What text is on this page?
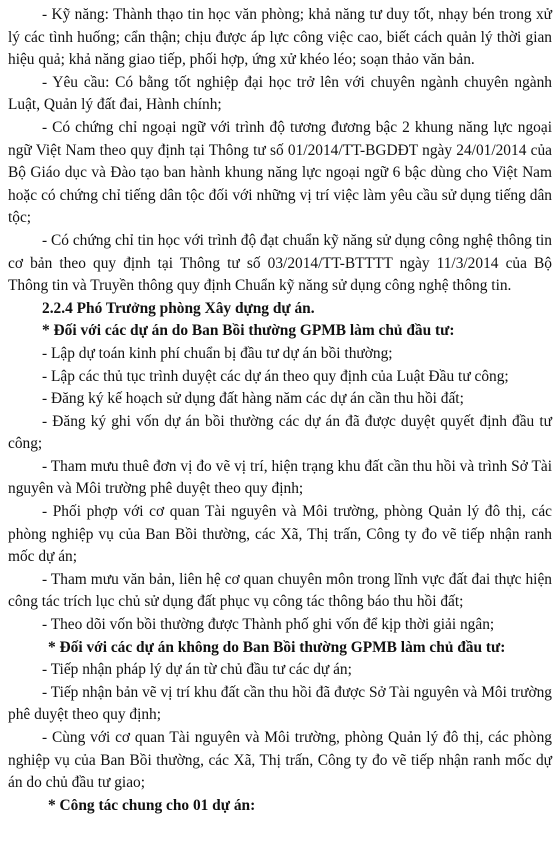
- Kỹ năng: Thành thạo tin học văn phòng; khả năng tư duy tốt, nhạy bén trong xử lý các tình huống; cẩn thận; chịu được áp lực công việc cao, biết cách quản lý thời gian hiệu quả; khả năng giao tiếp, phối hợp, ứng xử khéo léo; soạn thảo văn bản.

- Yêu cầu: Có bằng tốt nghiệp đại học trở lên với chuyên ngành chuyên ngành Luật, Quản lý đất đai, Hành chính;

- Có chứng chỉ ngoại ngữ với trình độ tương đương bậc 2 khung năng lực ngoại ngữ Việt Nam theo quy định tại Thông tư số 01/2014/TT-BGDĐT ngày 24/01/2014 của Bộ Giáo dục và Đào tạo ban hành khung năng lực ngoại ngữ 6 bậc dùng cho Việt Nam hoặc có chứng chỉ tiếng dân tộc đối với những vị trí việc làm yêu cầu sử dụng tiếng dân tộc;

- Có chứng chỉ tin học với trình độ đạt chuẩn kỹ năng sử dụng công nghệ thông tin cơ bản theo quy định tại Thông tư số 03/2014/TT-BTTTT ngày 11/3/2014 của Bộ Thông tin và Truyền thông quy định Chuẩn kỹ năng sử dụng công nghệ thông tin.

2.2.4 Phó Trưởng phòng Xây dựng dự án.

* Đối với các dự án do Ban Bồi thường GPMB làm chủ đầu tư:

- Lập dự toán kinh phí chuẩn bị đầu tư dự án bồi thường;

- Lập các thủ tục trình duyệt các dự án theo quy định của Luật Đầu tư công;

- Đăng ký kế hoạch sử dụng đất hàng năm các dự án cần thu hồi đất;

- Đăng ký ghi vốn dự án bồi thường các dự án đã được duyệt quyết định đầu tư công;

- Tham mưu thuê đơn vị đo vẽ vị trí, hiện trạng khu đất cần thu hồi và trình Sở Tài nguyên và Môi trường phê duyệt theo quy định;

- Phối phợp với cơ quan Tài nguyên và Môi trường, phòng Quản lý đô thị, các phòng nghiệp vụ của Ban Bồi thường, các Xã, Thị trấn, Công ty đo vẽ tiếp nhận ranh mốc dự án;

- Tham mưu văn bản, liên hệ cơ quan chuyên môn trong lĩnh vực đất đai thực hiện công tác trích lục chủ sử dụng đất phục vụ công tác thông báo thu hồi đất;

- Theo dõi vốn bồi thường được Thành phố ghi vốn để kịp thời giải ngân;

* Đối với các dự án không do Ban Bồi thường GPMB làm chủ đầu tư:

- Tiếp nhận pháp lý dự án từ chủ đầu tư các dự án;

- Tiếp nhận bản vẽ vị trí khu đất cần thu hồi đã được Sở Tài nguyên và Môi trường phê duyệt theo quy định;

- Cùng với cơ quan Tài nguyên và Môi trường, phòng Quản lý đô thị, các phòng nghiệp vụ của Ban Bồi thường, các Xã, Thị trấn, Công ty đo vẽ tiếp nhận ranh mốc dự án do chủ đầu tư giao;

* Công tác chung cho 01 dự án:
